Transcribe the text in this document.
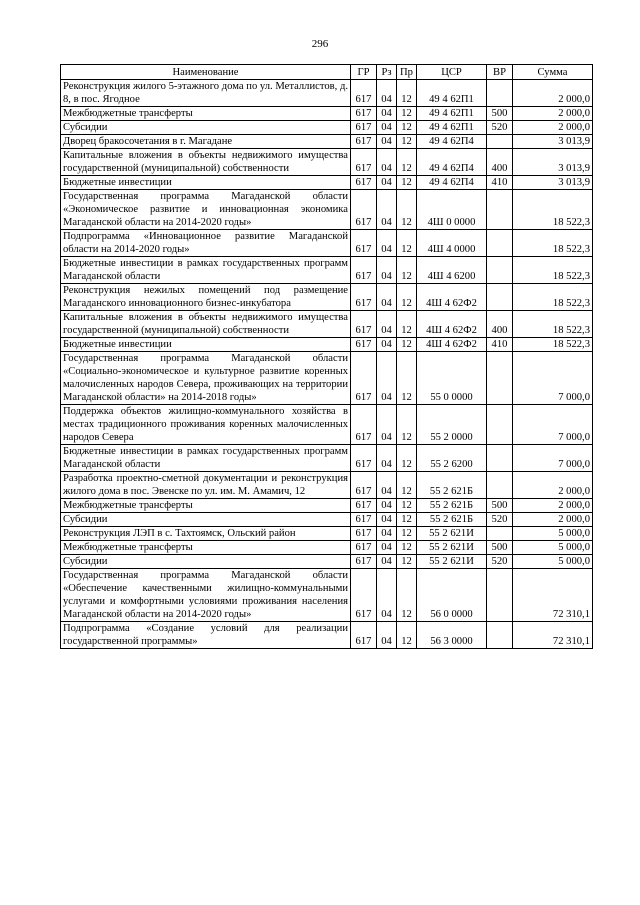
296
Наименование	ГР	Рз	Пр	ЦСР	ВР	Сумма
Реконструкция жилого 5-этажного дома по ул. Металлистов, д. 8, в пос. Ягодное	617	04	12	49 4 62П1		2 000,0
Межбюджетные трансферты	617	04	12	49 4 62П1	500	2 000,0
Субсидии	617	04	12	49 4 62П1	520	2 000,0
Дворец бракосочетания в г. Магадане	617	04	12	49 4 62П4		3 013,9
Капитальные вложения в объекты недвижимого имущества государственной (муниципальной) собственности	617	04	12	49 4 62П4	400	3 013,9
Бюджетные инвестиции	617	04	12	49 4 62П4	410	3 013,9
Государственная программа Магаданской области «Экономическое развитие и инновационная экономика Магаданской области на 2014-2020 годы»	617	04	12	4Ш 0 0000		18 522,3
Подпрограмма «Инновационное развитие Магаданской области на 2014-2020 годы»	617	04	12	4Ш 4 0000		18 522,3
Бюджетные инвестиции в рамках государственных программ Магаданской области	617	04	12	4Ш 4 6200		18 522,3
Реконструкция нежилых помещений под размещение Магаданского инновационного бизнес-инкубатора	617	04	12	4Ш 4 62Ф2		18 522,3
Капитальные вложения в объекты недвижимого имущества государственной (муниципальной) собственности	617	04	12	4Ш 4 62Ф2	400	18 522,3
Бюджетные инвестиции	617	04	12	4Ш 4 62Ф2	410	18 522,3
Государственная программа Магаданской области «Социально-экономическое и культурное развитие коренных малочисленных народов Севера, проживающих на территории Магаданской области» на 2014-2018 годы»	617	04	12	55 0 0000		7 000,0
Поддержка объектов жилищно-коммунального хозяйства в местах традиционного проживания коренных малочисленных народов Севера	617	04	12	55 2 0000		7 000,0
Бюджетные инвестиции в рамках государственных программ Магаданской области	617	04	12	55 2 6200		7 000,0
Разработка проектно-сметной документации и реконструкция жилого дома в пос. Эвенске по ул. им. М. Амамич, 12	617	04	12	55 2 621Б		2 000,0
Межбюджетные трансферты	617	04	12	55 2 621Б	500	2 000,0
Субсидии	617	04	12	55 2 621Б	520	2 000,0
Реконструкция ЛЭП в с. Тахтоямск, Ольский район	617	04	12	55 2 621И		5 000,0
Межбюджетные трансферты	617	04	12	55 2 621И	500	5 000,0
Субсидии	617	04	12	55 2 621И	520	5 000,0
Государственная программа Магаданской области «Обеспечение качественными жилищно-коммунальными услугами и комфортными условиями проживания населения Магаданской области на 2014-2020 годы»	617	04	12	56 0 0000		72 310,1
Подпрограмма «Создание условий для реализации государственной программы»	617	04	12	56 3 0000		72 310,1
